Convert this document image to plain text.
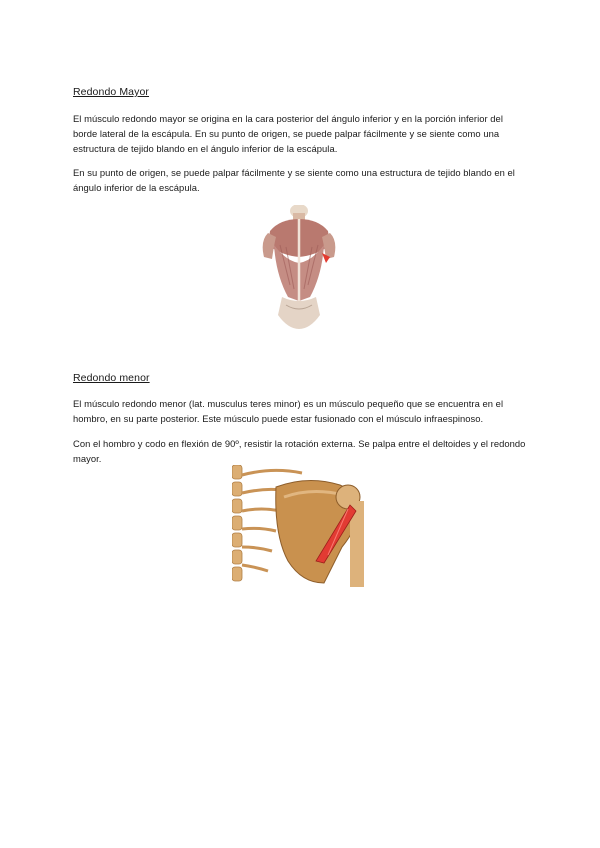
Redondo Mayor

El músculo redondo mayor se origina en la cara posterior del ángulo inferior y en la porción inferior del borde lateral de la escápula. En su punto de origen, se puede palpar fácilmente y se siente como una estructura de tejido blando en el ángulo inferior de la escápula.

En su punto de origen, se puede palpar fácilmente y se siente como una estructura de tejido blando en el ángulo inferior de la escápula.

Redondo menor

El músculo redondo menor (lat. musculus teres minor) es un músculo pequeño que se encuentra en el hombro, en su parte posterior. Este músculo puede estar fusionado con el músculo infraespinoso.

Con el hombro y codo en flexión de 90º, resistir la rotación externa. Se palpa entre el deltoides y el redondo mayor.
